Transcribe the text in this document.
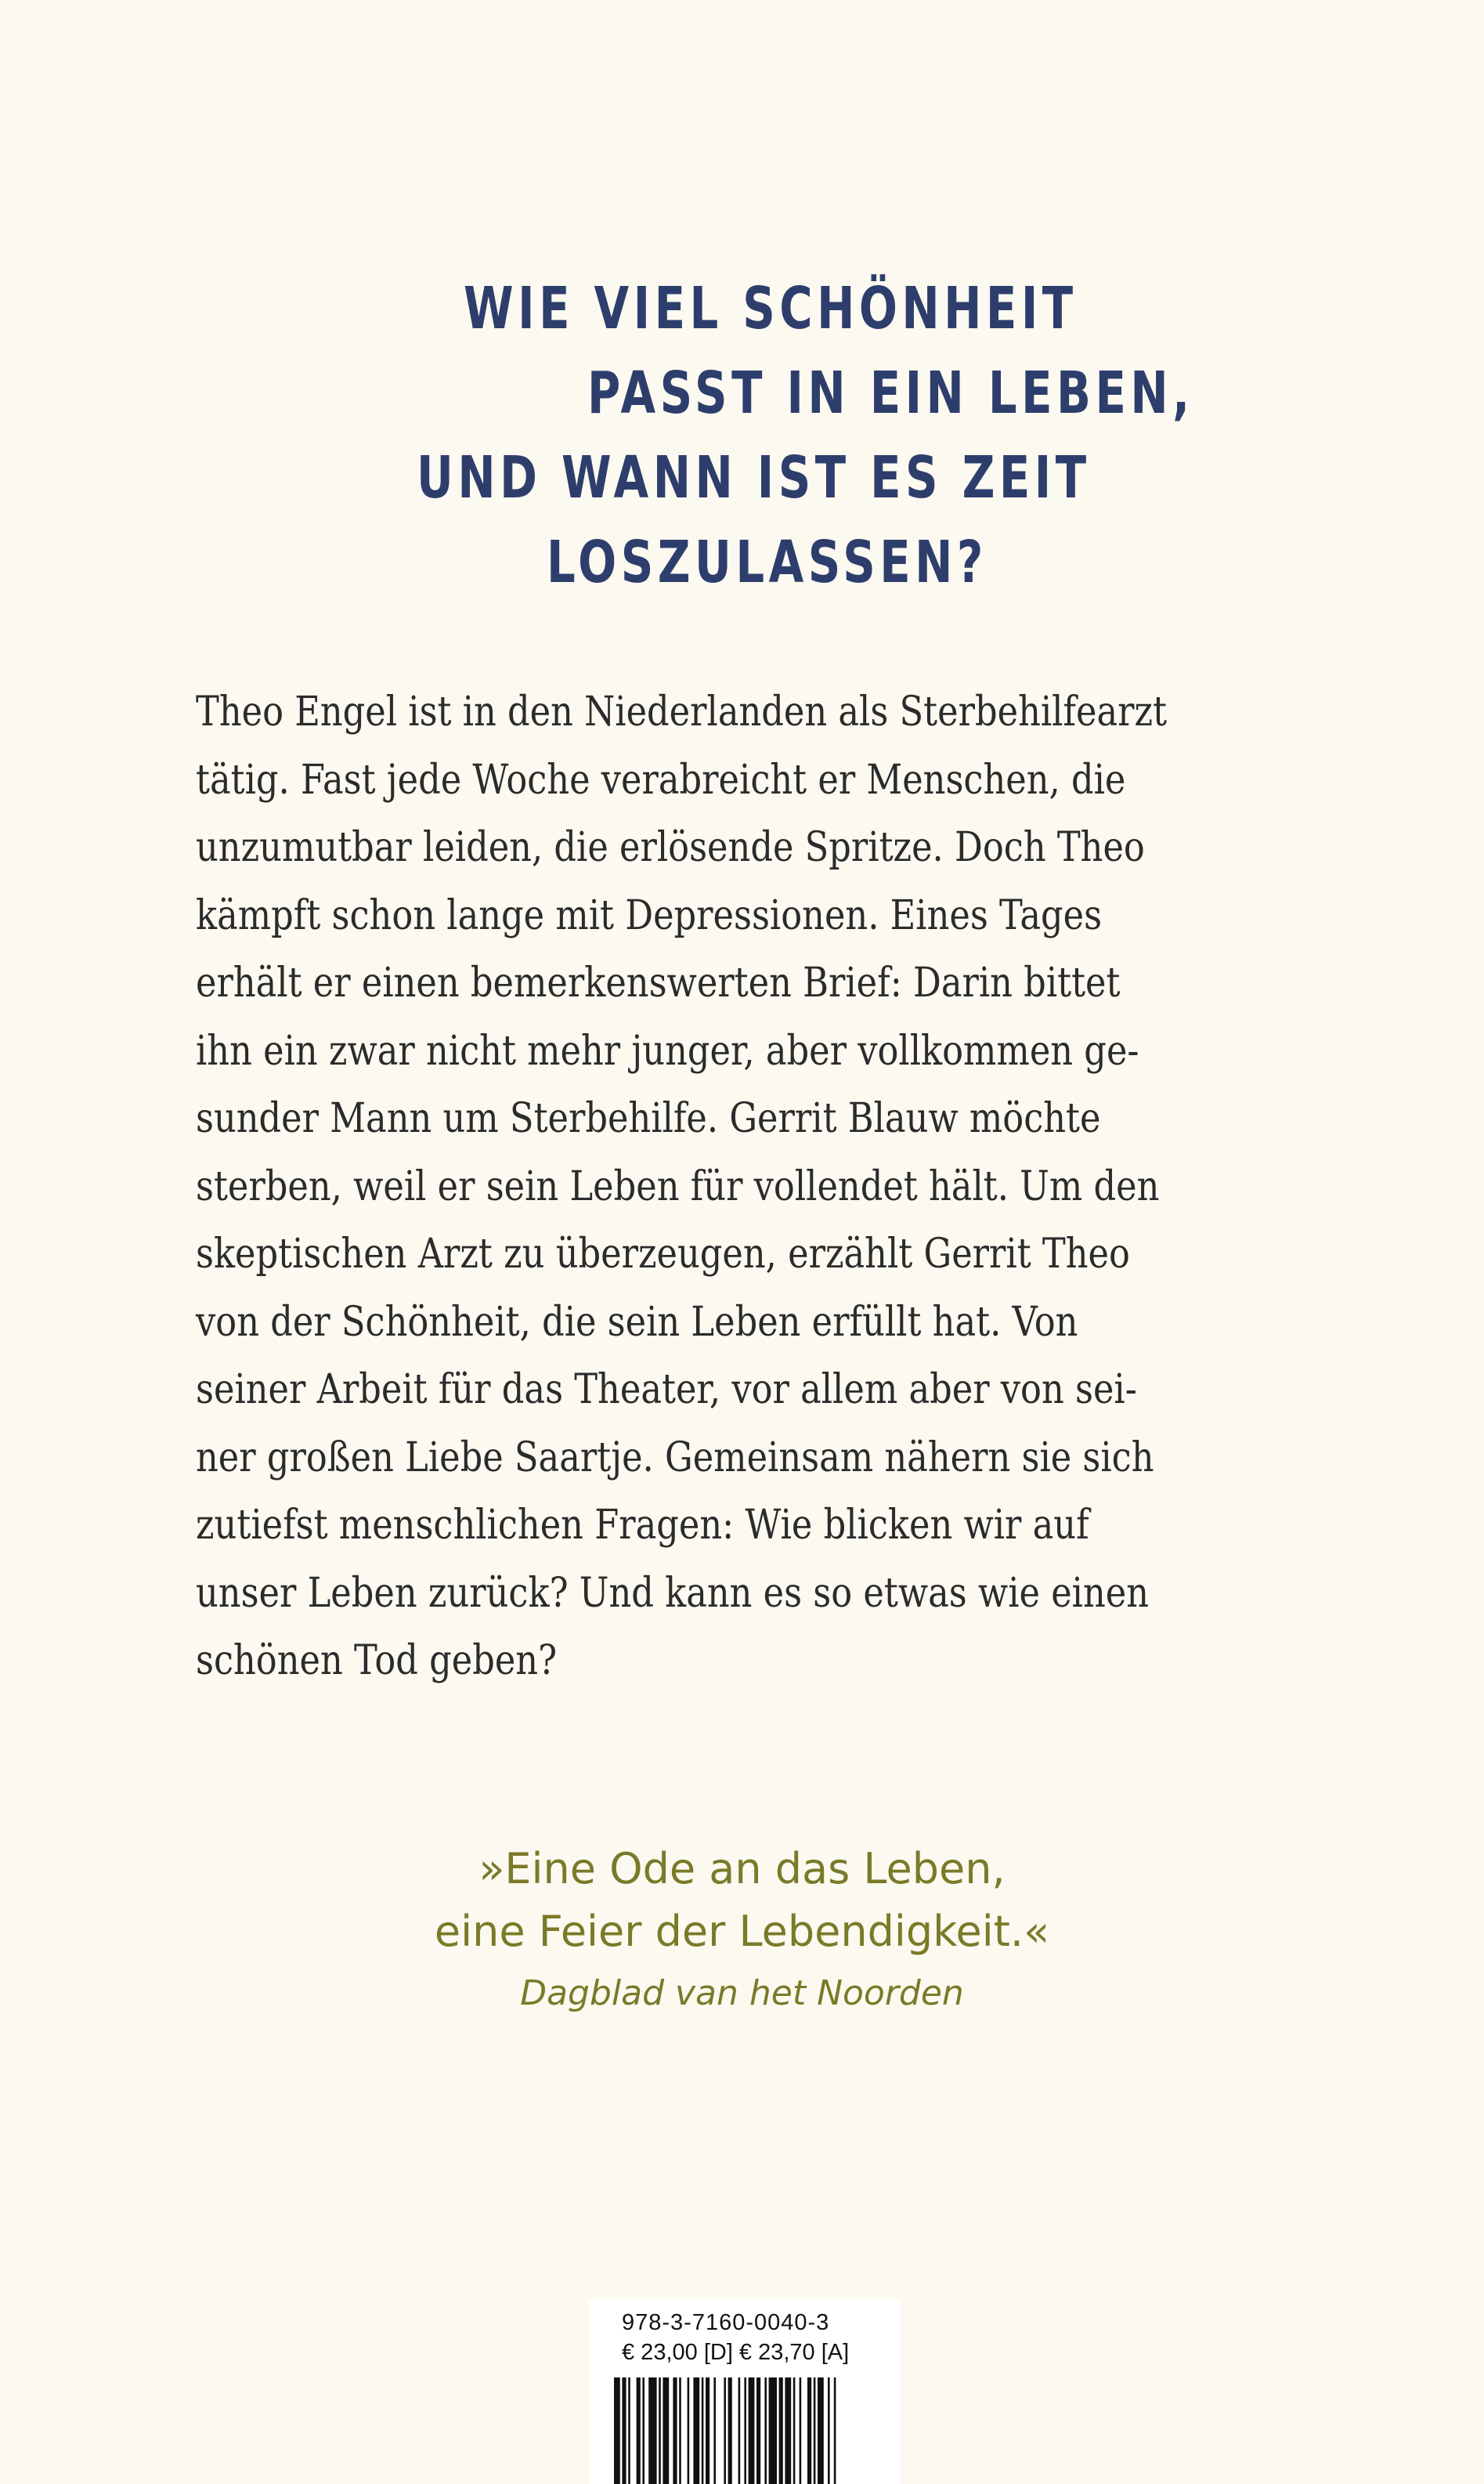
WIE VIEL SCHÖNHEIT
PASST IN EIN LEBEN,
UND WANN IST ES ZEIT
LOSZULASSEN?
Theo Engel ist in den Niederlanden als Sterbehilfearzt
tätig. Fast jede Woche verabreicht er Menschen, die
unzumutbar leiden, die erlösende Spritze. Doch Theo
kämpft schon lange mit Depressionen. Eines Tages
erhält er einen bemerkenswerten Brief: Darin bittet
ihn ein zwar nicht mehr junger, aber vollkommen ge-
sunder Mann um Sterbehilfe. Gerrit Blauw möchte
sterben, weil er sein Leben für vollendet hält. Um den
skeptischen Arzt zu überzeugen, erzählt Gerrit Theo
von der Schönheit, die sein Leben erfüllt hat. Von
seiner Arbeit für das Theater, vor allem aber von sei-
ner großen Liebe Saartje. Gemeinsam nähern sie sich
zutiefst menschlichen Fragen: Wie blicken wir auf
unser Leben zurück? Und kann es so etwas wie einen
schönen Tod geben?
»Eine Ode an das Leben,
eine Feier der Lebendigkeit.«
Dagblad van het Noorden
978-3-7160-0040-3
€ 23,00 [D] € 23,70 [A]
